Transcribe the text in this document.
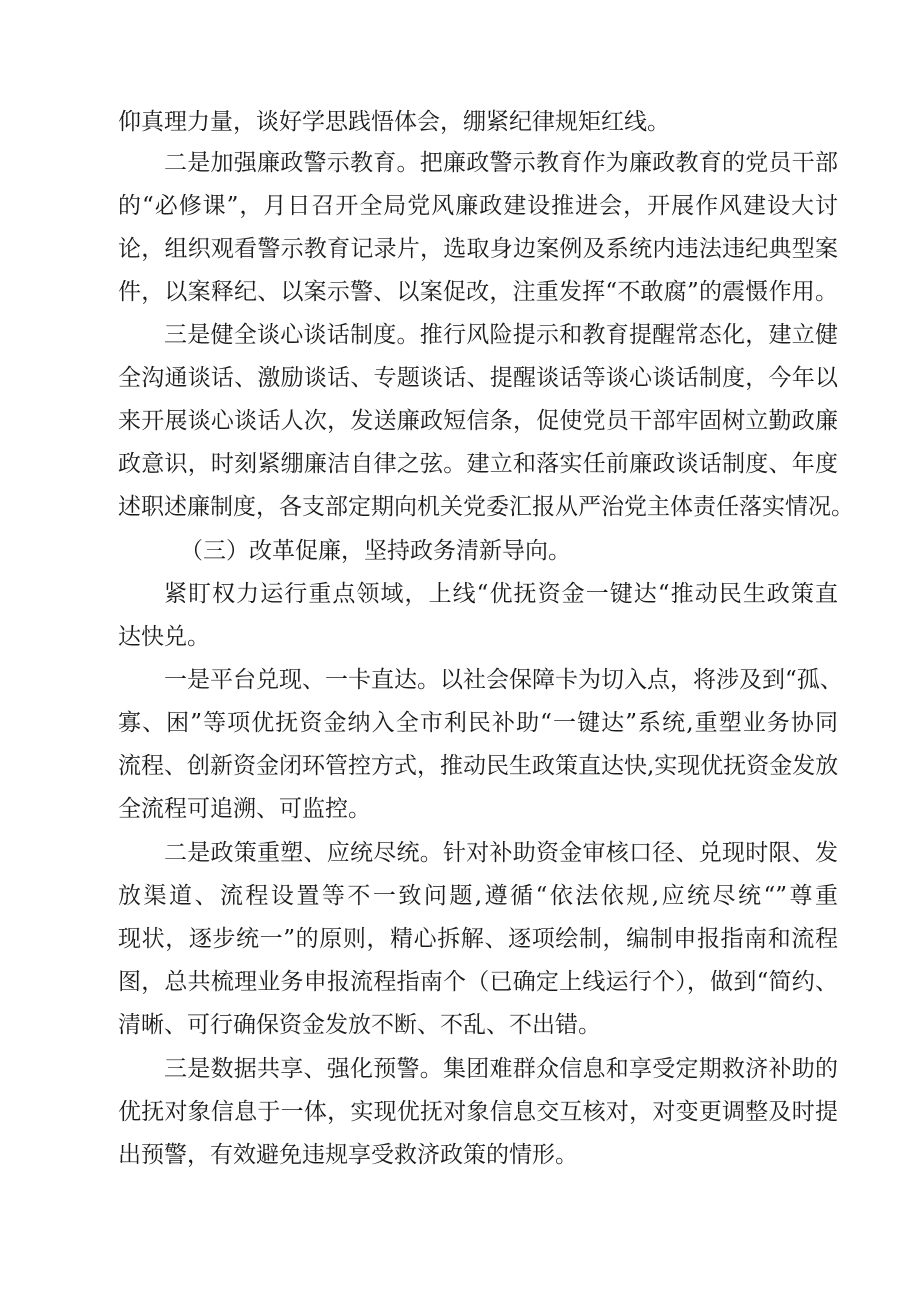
仰真理力量，谈好学思践悟体会，绷紧纪律规矩红线。
二是加强廉政警示教育。把廉政警示教育作为廉政教育的党员干部
的“必修课”，月日召开全局党风廉政建设推进会，开展作风建设大讨
论，组织观看警示教育记录片，选取身边案例及系统内违法违纪典型案
件，以案释纪、以案示警、以案促改，注重发挥“不敢腐”的震慑作用。
三是健全谈心谈话制度。推行风险提示和教育提醒常态化，建立健
全沟通谈话、激励谈话、专题谈话、提醒谈话等谈心谈话制度，今年以
来开展谈心谈话人次，发送廉政短信条，促使党员干部牢固树立勤政廉
政意识，时刻紧绷廉洁自律之弦。建立和落实任前廉政谈话制度、年度
述职述廉制度，各支部定期向机关党委汇报从严治党主体责任落实情况。
（三）改革促廉，坚持政务清新导向。
紧盯权力运行重点领域，上线“优抚资金一键达“推动民生政策直
达快兑。
一是平台兑现、一卡直达。以社会保障卡为切入点，将涉及到“孤、
寡、困”等项优抚资金纳入全市利民补助“一键达”系统,重塑业务协同
流程、创新资金闭环管控方式，推动民生政策直达快,实现优抚资金发放
全流程可追溯、可监控。
二是政策重塑、应统尽统。针对补助资金审核口径、兑现时限、发
放渠道、流程设置等不一致问题,遵循“依法依规,应统尽统“”尊重
现状，逐步统一”的原则，精心拆解、逐项绘制，编制申报指南和流程
图，总共梳理业务申报流程指南个（已确定上线运行个），做到“简约、
清晰、可行确保资金发放不断、不乱、不出错。
三是数据共享、强化预警。集团难群众信息和享受定期救济补助的
优抚对象信息于一体，实现优抚对象信息交互核对，对变更调整及时提
出预警，有效避免违规享受救济政策的情形。
